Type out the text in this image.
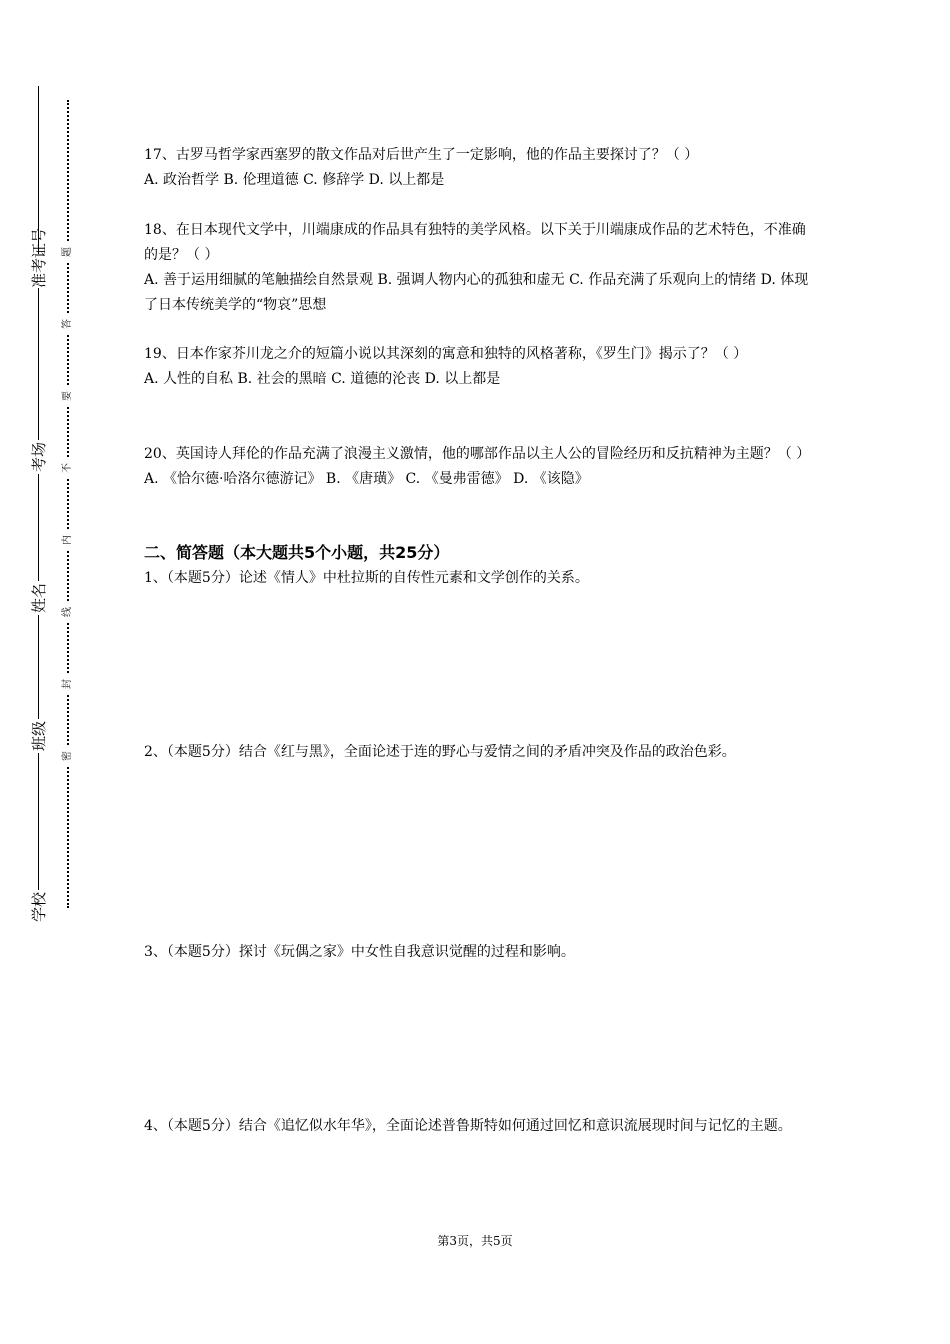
准考证号
考场
姓名
班级
学校
题
答
要
不
内
线
封
密

17、古罗马哲学家西塞罗的散文作品对后世产生了一定影响，他的作品主要探讨了？（ ）

A. 政治哲学 B. 伦理道德 C. 修辞学 D. 以上都是

18、在日本现代文学中，川端康成的作品具有独特的美学风格。以下关于川端康成作品的艺术特色，不准确的是？（ ）

A. 善于运用细腻的笔触描绘自然景观 B. 强调人物内心的孤独和虚无 C. 作品充满了乐观向上的情绪 D. 体现了日本传统美学的“物哀”思想

19、日本作家芥川龙之介的短篇小说以其深刻的寓意和独特的风格著称，《罗生门》揭示了？（ ）

A. 人性的自私 B. 社会的黑暗 C. 道德的沦丧 D. 以上都是

20、英国诗人拜伦的作品充满了浪漫主义激情，他的哪部作品以主人公的冒险经历和反抗精神为主题？（ ）

A. 《恰尔德·哈洛尔德游记》 B. 《唐璜》 C. 《曼弗雷德》 D. 《该隐》

二、简答题（本大题共5个小题，共25分）

1、（本题5分）论述《情人》中杜拉斯的自传性元素和文学创作的关系。

2、（本题5分）结合《红与黑》，全面论述于连的野心与爱情之间的矛盾冲突及作品的政治色彩。

3、（本题5分）探讨《玩偶之家》中女性自我意识觉醒的过程和影响。

4、（本题5分）结合《追忆似水年华》，全面论述普鲁斯特如何通过回忆和意识流展现时间与记忆的主题。

第3页，共5页
